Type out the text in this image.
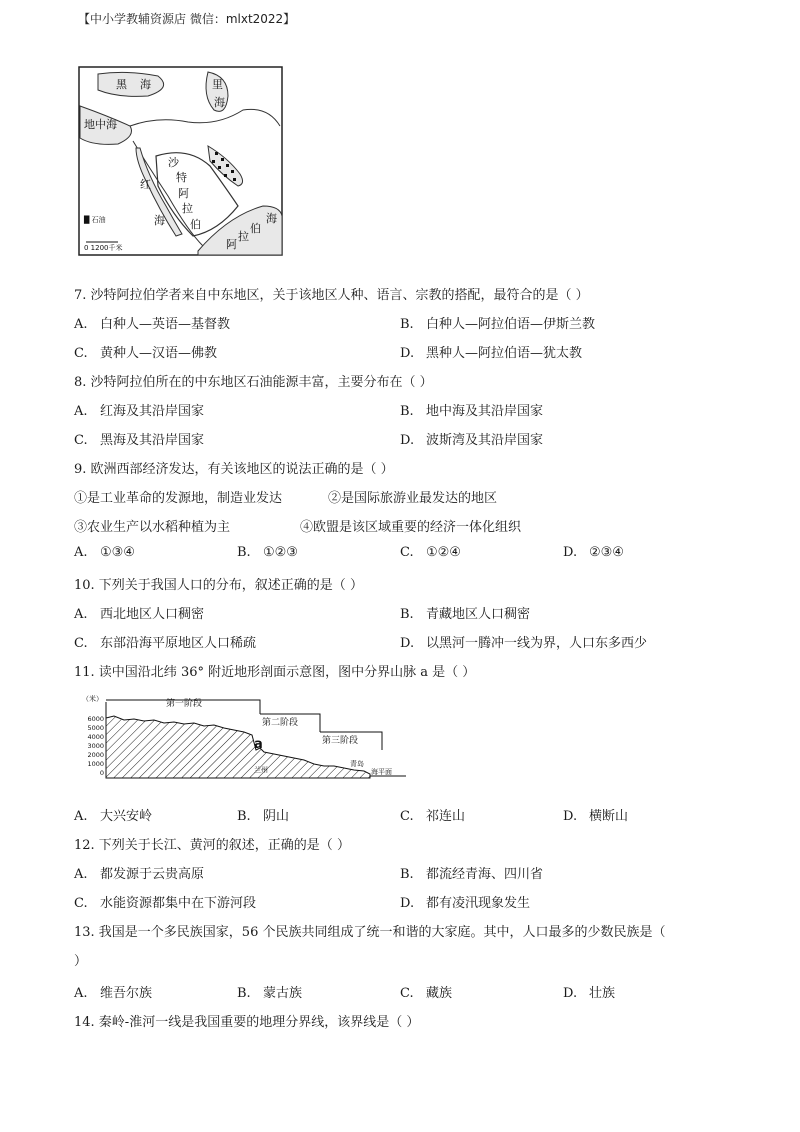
【中小学教辅资源店 微信：mlxt2022】
黑 海	里
海
地中海
沙
特
阿
拉
伯
红
海	海
伯
拉
阿
█ 石油
0 1200千米
7. 沙特阿拉伯学者来自中东地区，关于该地区人种、语言、宗教的搭配，最符合的是（ ）
A. 白种人—英语—基督教	B. 白种人—阿拉伯语—伊斯兰教
C. 黄种人—汉语—佛教	D. 黑种人—阿拉伯语—犹太教
8. 沙特阿拉伯所在的中东地区石油能源丰富，主要分布在（ ）
A. 红海及其沿岸国家	B. 地中海及其沿岸国家
C. 黑海及其沿岸国家	D. 波斯湾及其沿岸国家
9. 欧洲西部经济发达，有关该地区的说法正确的是（ ）
①是工业革命的发源地，制造业发达	②是国际旅游业最发达的地区
③农业生产以水稻种植为主	④欧盟是该区域重要的经济一体化组织
A. ①③④	B. ①②③	C. ①②④	D. ②③④
10. 下列关于我国人口的分布，叙述正确的是（ ）
A. 西北地区人口稠密	B. 青藏地区人口稠密
C. 东部沿海平原地区人口稀疏	D. 以黑河一腾冲一线为界，人口东多西少
11. 读中国沿北纬 36° 附近地形剖面示意图，图中分界山脉 a 是（ ）
（米）
6000
5000
4000
3000
2000
1000
0
第一阶段
第二阶段
第三阶段
a
兰州
青岛
海平面
A. 大兴安岭	B. 阴山	C. 祁连山	D. 横断山
12. 下列关于长江、黄河的叙述，正确的是（ ）
A. 都发源于云贵高原	B. 都流经青海、四川省
C. 水能资源都集中在下游河段	D. 都有凌汛现象发生
13. 我国是一个多民族国家，56 个民族共同组成了统一和谐的大家庭。其中，人口最多的少数民族是（
）
A. 维吾尔族	B. 蒙古族	C. 藏族	D. 壮族
14. 秦岭-淮河一线是我国重要的地理分界线，该界线是（ ）
